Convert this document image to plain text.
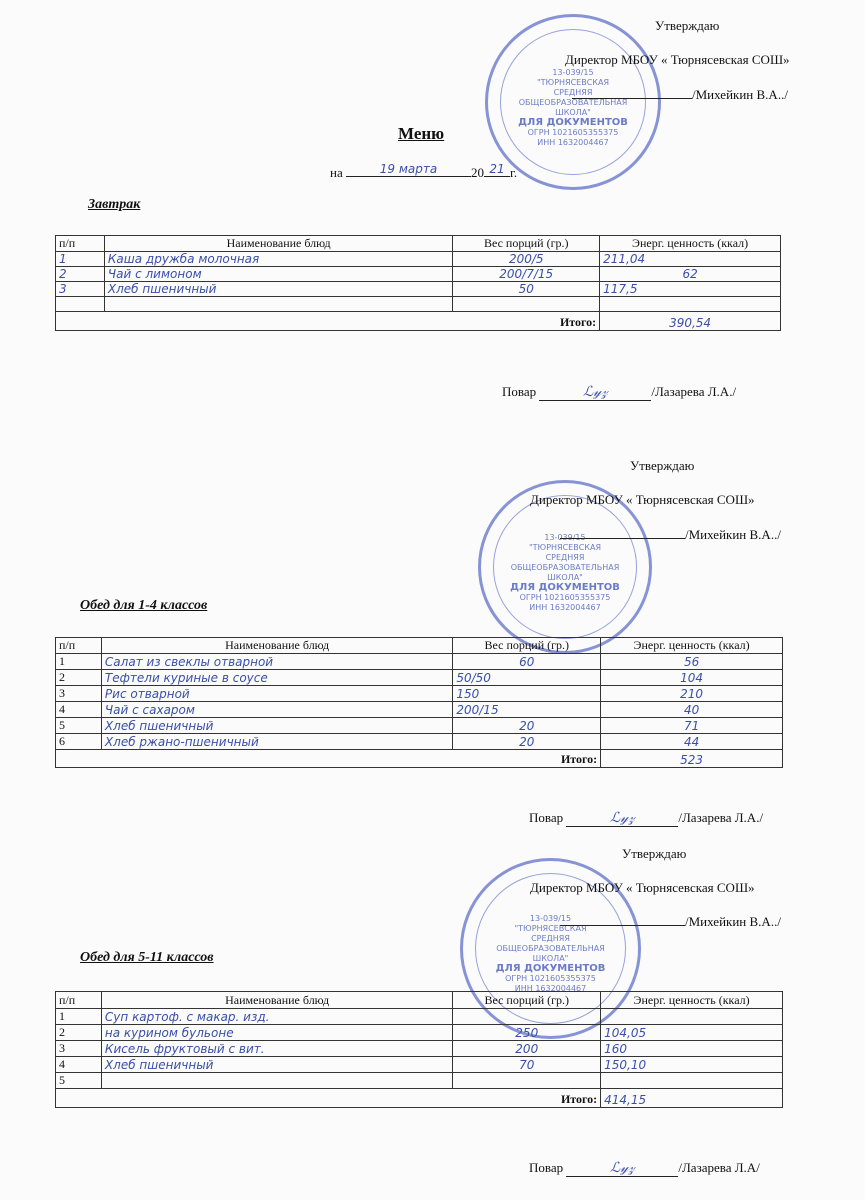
13-039/15
"ТЮРНЯСЕВСКАЯ
СРЕДНЯЯ
ОБЩЕОБРАЗОВАТЕЛЬНАЯ
ШКОЛА"
ДЛЯ ДОКУМЕНТОВ
ОГРН 1021605355375
ИНН 1632004467
Утверждаю
Директор МБОУ « Тюрнясевская СОШ»
/Михейкин В.А../
Меню
на	19 марта	20 21 г.
Завтрак
п/п	Наименование блюд	Вес порций (гр.)	Энерг. ценность (ккал)
1	Каша дружба молочная	200/5	211,04
2	Чай с лимоном	200/7/15	62
3	Хлеб пшеничный	50	117,5

Итого:			390,54
Повар	ℒ𝓎𝓏	/Лазарева Л.А./
13-039/15
"ТЮРНЯСЕВСКАЯ
СРЕДНЯЯ
ОБЩЕОБРАЗОВАТЕЛЬНАЯ
ШКОЛА"
ДЛЯ ДОКУМЕНТОВ
ОГРН 1021605355375
ИНН 1632004467
Утверждаю
Директор МБОУ « Тюрнясевская СОШ»
/Михейкин В.А../
Обед для 1-4 классов
п/п	Наименование блюд	Вес порций (гр.)	Энерг. ценность (ккал)
1	Салат из свеклы отварной	60	56
2	Тефтели куриные в соусе	50/50	104
3	Рис отварной	150	210
4	Чай с сахаром	200/15	40
5	Хлеб пшеничный	20	71
6	Хлеб ржано-пшеничный	20	44
Итого:			523
Повар	ℒ𝓎𝓏	/Лазарева Л.А./
13-039/15
"ТЮРНЯСЕВСКАЯ
СРЕДНЯЯ
ОБЩЕОБРАЗОВАТЕЛЬНАЯ
ШКОЛА"
ДЛЯ ДОКУМЕНТОВ
ОГРН 1021605355375
ИНН 1632004467
Утверждаю
Директор МБОУ « Тюрнясевская СОШ»
/Михейкин В.А../
Обед для 5-11 классов
п/п	Наименование блюд	Вес порций (гр.)	Энерг. ценность (ккал)
1	Суп картоф. с макар. изд.		
2	на курином бульоне	250	104,05
3	Кисель фруктовый с вит.	200	160
4	Хлеб пшеничный	70	150,10
5			
Итого:			414,15
Повар	ℒ𝓎𝓏	/Лазарева Л.А/
